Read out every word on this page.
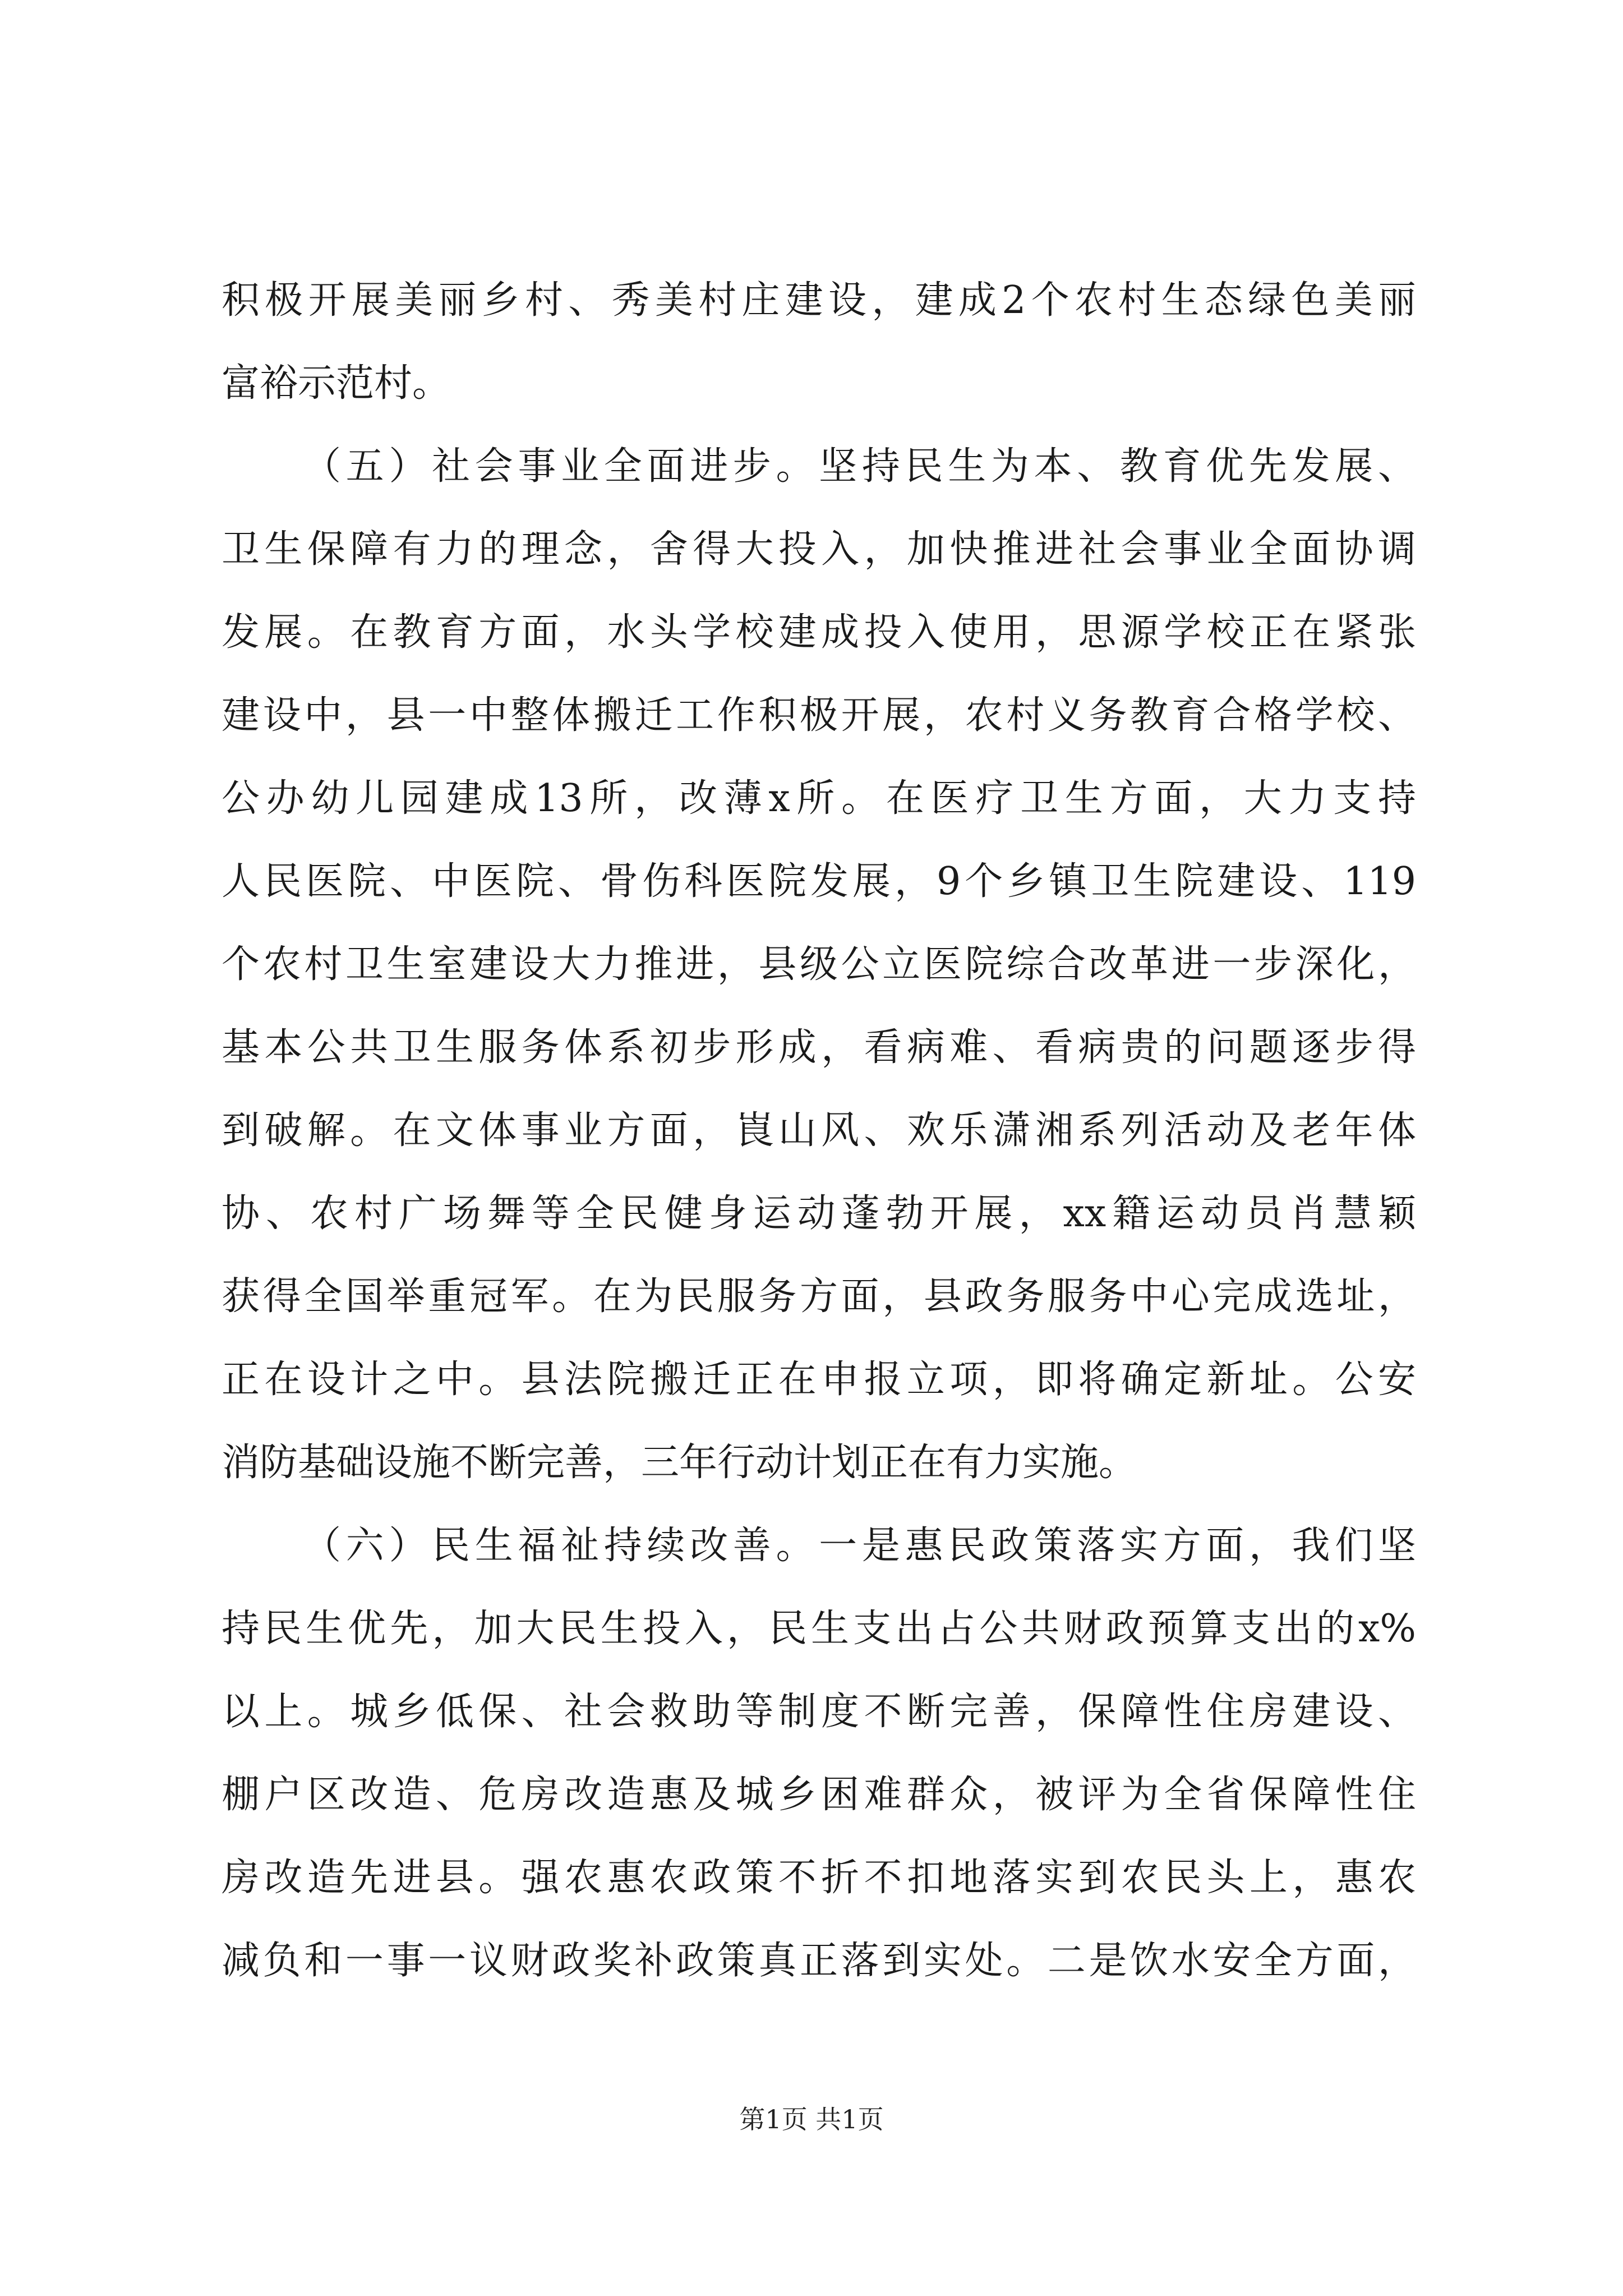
积极开展美丽乡村、秀美村庄建设，建成2个农村生态绿色美丽
富裕示范村。
（五）社会事业全面进步。坚持民生为本、教育优先发展、
卫生保障有力的理念，舍得大投入，加快推进社会事业全面协调
发展。在教育方面，水头学校建成投入使用，思源学校正在紧张
建设中，县一中整体搬迁工作积极开展，农村义务教育合格学校、
公办幼儿园建成13所，改薄x所。在医疗卫生方面，大力支持
人民医院、中医院、骨伤科医院发展，9个乡镇卫生院建设、119
个农村卫生室建设大力推进，县级公立医院综合改革进一步深化，
基本公共卫生服务体系初步形成，看病难、看病贵的问题逐步得
到破解。在文体事业方面，崀山风、欢乐潇湘系列活动及老年体
协、农村广场舞等全民健身运动蓬勃开展，xx籍运动员肖慧颖
获得全国举重冠军。在为民服务方面，县政务服务中心完成选址，
正在设计之中。县法院搬迁正在申报立项，即将确定新址。公安
消防基础设施不断完善，三年行动计划正在有力实施。
（六）民生福祉持续改善。一是惠民政策落实方面，我们坚
持民生优先，加大民生投入，民生支出占公共财政预算支出的x%
以上。城乡低保、社会救助等制度不断完善，保障性住房建设、
棚户区改造、危房改造惠及城乡困难群众，被评为全省保障性住
房改造先进县。强农惠农政策不折不扣地落实到农民头上，惠农
减负和一事一议财政奖补政策真正落到实处。二是饮水安全方面，
第1页 共1页
